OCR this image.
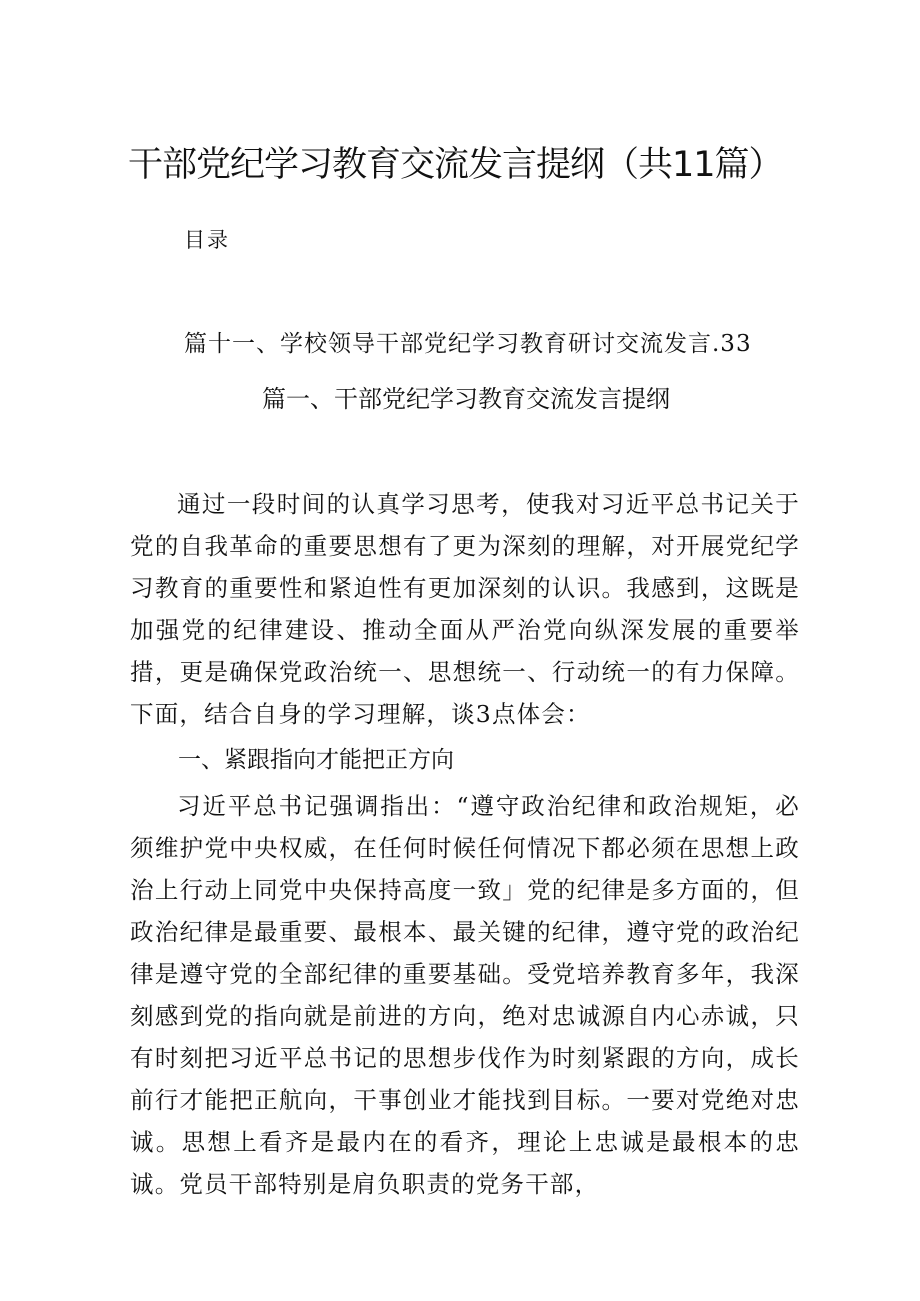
干部党纪学习教育交流发言提纲（共11篇）
目录
篇十一、学校领导干部党纪学习教育研讨交流发言.33
篇一、干部党纪学习教育交流发言提纲

通过一段时间的认真学习思考，使我对习近平总书记关于党的自我革命的重要思想有了更为深刻的理解，对开展党纪学习教育的重要性和紧迫性有更加深刻的认识。我感到，这既是加强党的纪律建设、推动全面从严治党向纵深发展的重要举措，更是确保党政治统一、思想统一、行动统一的有力保障。下面，结合自身的学习理解，谈3点体会：

一、紧跟指向才能把正方向

习近平总书记强调指出：“遵守政治纪律和政治规矩，必须维护党中央权威，在任何时候任何情况下都必须在思想上政治上行动上同党中央保持高度一致」党的纪律是多方面的，但政治纪律是最重要、最根本、最关键的纪律，遵守党的政治纪律是遵守党的全部纪律的重要基础。受党培养教育多年，我深刻感到党的指向就是前进的方向，绝对忠诚源自内心赤诚，只有时刻把习近平总书记的思想步伐作为时刻紧跟的方向，成长前行才能把正航向，干事创业才能找到目标。一要对党绝对忠诚。思想上看齐是最内在的看齐，理论上忠诚是最根本的忠诚。党员干部特别是肩负职责的党务干部，
